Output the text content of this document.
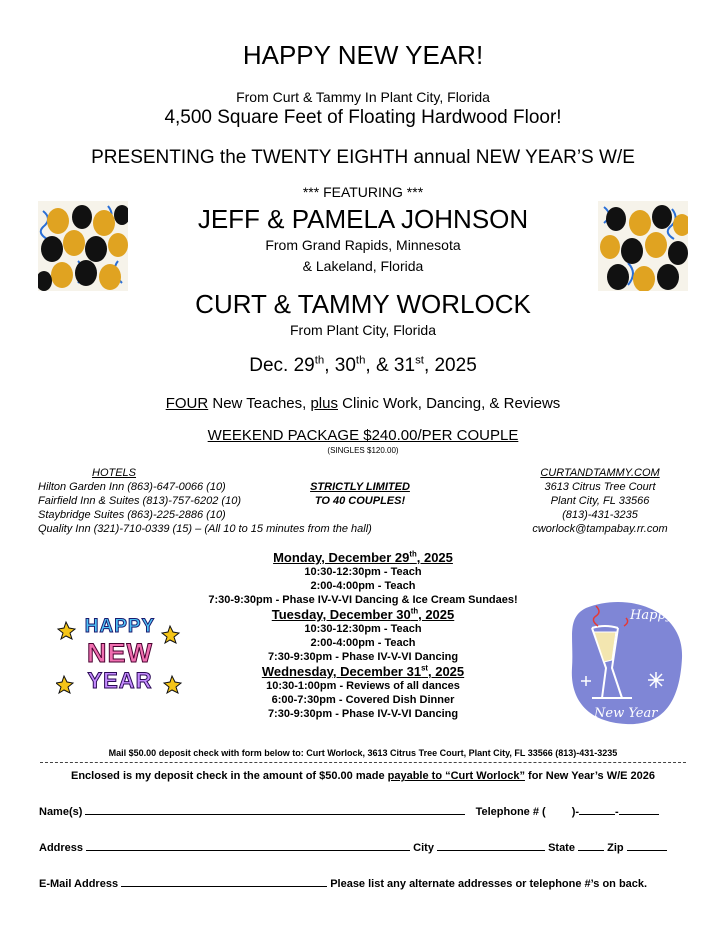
HAPPY NEW YEAR!
From Curt & Tammy In Plant City, Florida
4,500 Square Feet of Floating Hardwood Floor!
PRESENTING the TWENTY EIGHTH annual NEW YEAR’S W/E
*** FEATURING ***
JEFF & PAMELA JOHNSON
From Grand Rapids, Minnesota
& Lakeland, Florida
CURT & TAMMY WORLOCK
From Plant City, Florida
Dec. 29th, 30th, & 31st, 2025
FOUR New Teaches, plus Clinic Work, Dancing, & Reviews
WEEKEND PACKAGE $240.00/PER COUPLE
(SINGLES $120.00)
HOTELS
Hilton Garden Inn (863)-647-0066 (10)
Fairfield Inn & Suites (813)-757-6202 (10)
Staybridge Suites (863)-225-2886 (10)
Quality Inn (321)-710-0339 (15) – (All 10 to 15 minutes from the hall)
STRICTLY LIMITED
TO 40 COUPLES!
CURTANDTAMMY.COM
3613 Citrus Tree Court
Plant City, FL 33566
(813)-431-3235
cworlock@tampabay.rr.com
Monday, December 29th, 2025
10:30-12:30pm - Teach
2:00-4:00pm - Teach
7:30-9:30pm - Phase IV-V-VI Dancing & Ice Cream Sundaes!
Tuesday, December 30th, 2025
10:30-12:30pm - Teach
2:00-4:00pm - Teach
7:30-9:30pm - Phase IV-V-VI Dancing
Wednesday, December 31st, 2025
10:30-1:00pm - Reviews of all dances
6:00-7:30pm - Covered Dish Dinner
7:30-9:30pm - Phase IV-V-VI Dancing
HAPPY
NEW
YEAR
Happy
New Year
Mail $50.00 deposit check with form below to: Curt Worlock, 3613 Citrus Tree Court, Plant City, FL 33566 (813)-431-3235
Enclosed is my deposit check in the amount of $50.00 made payable to “Curt Worlock” for New Year’s W/E 2026
Name(s)	Telephone # ( )-	-
Address	City	State	Zip
E-Mail Address	Please list any alternate addresses or telephone #’s on back.
